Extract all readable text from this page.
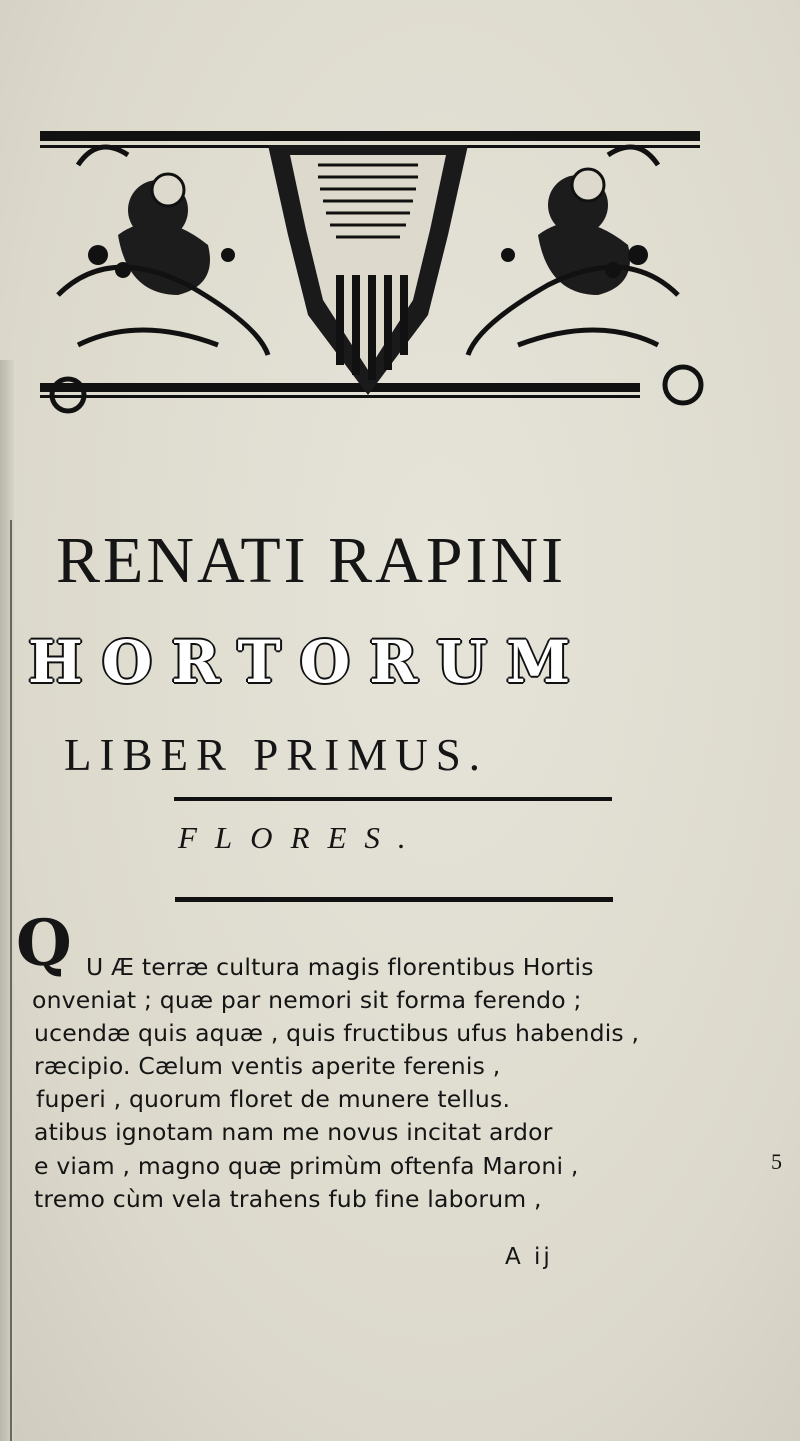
RENATI RAPINI
HORTORUM
LIBER PRIMUS.
FLORES.
Q U Æ terræ cultura magis florentibus Hortis
onveniat ; quæ par nemori sit forma ferendo ;
ucendæ quis aquæ , quis fructibus ufus habendis ,
ræcipio. Cælum ventis aperite ferenis ,
fuperi , quorum floret de munere tellus.
atibus ignotam nam me novus incitat ardor
e viam , magno quæ primùm oftenfa Maroni ,
tremo cùm vela trahens fub fine laborum ,
5
A ij
